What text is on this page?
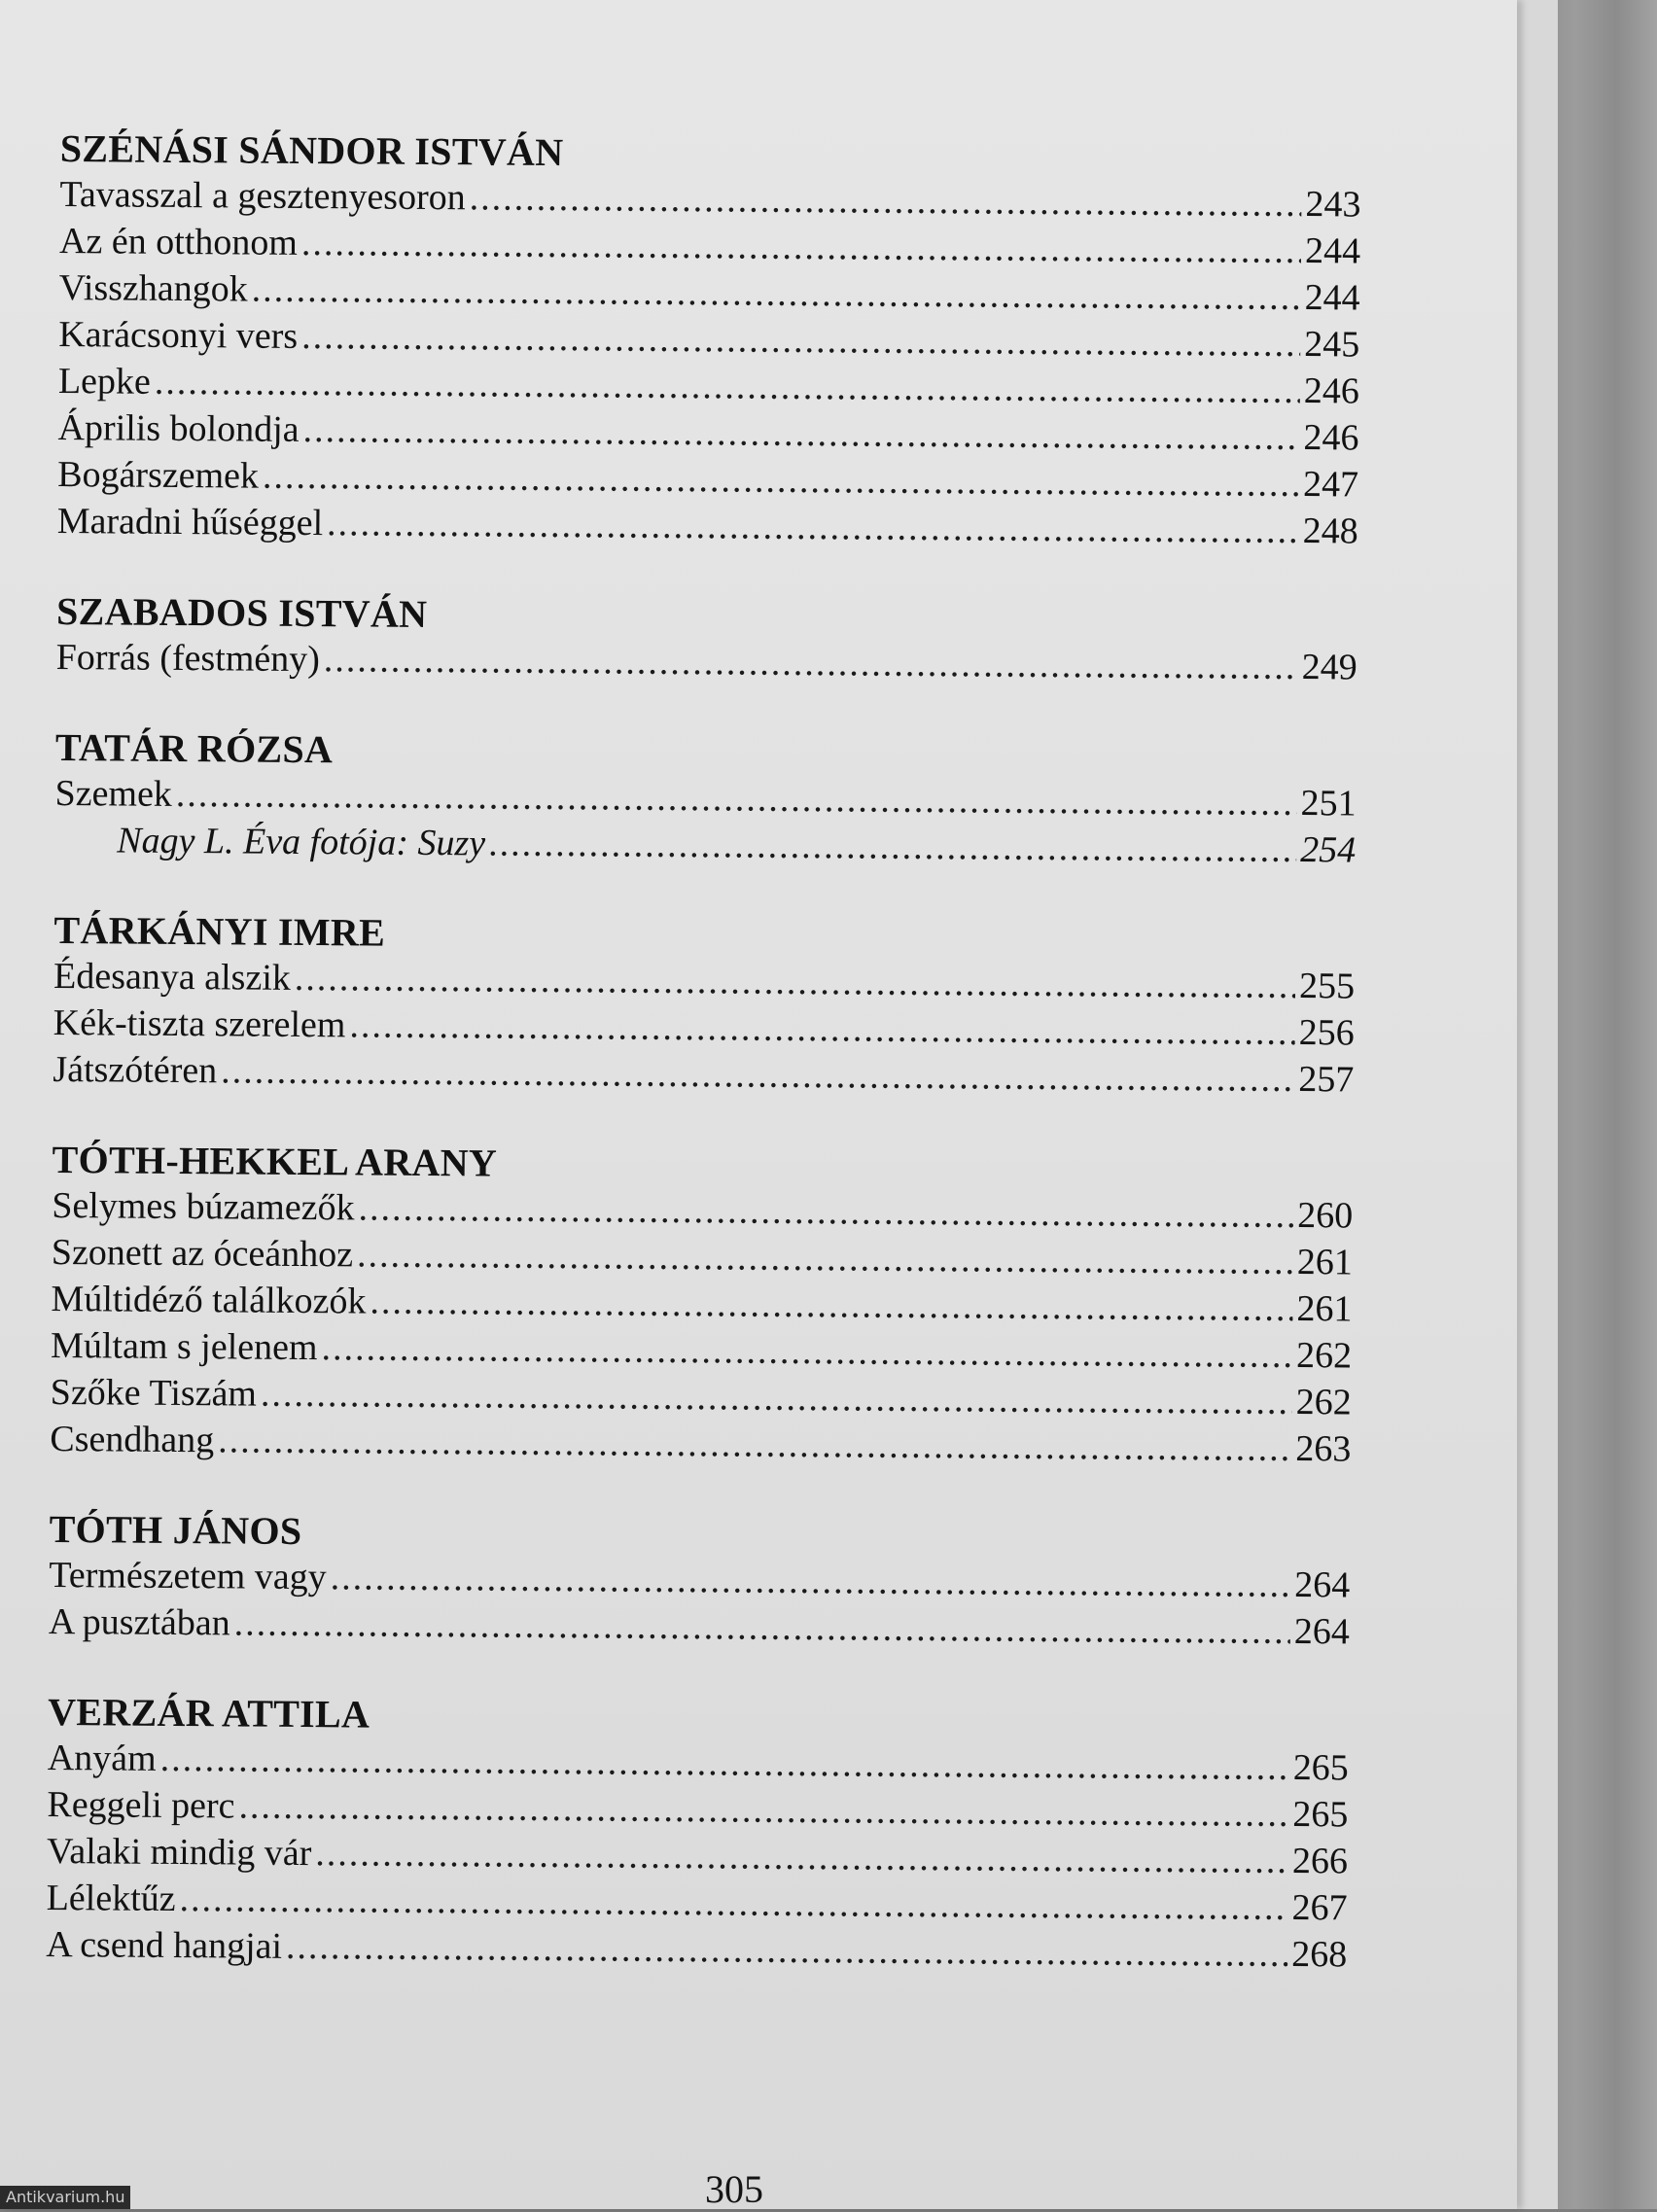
SZÉNÁSI SÁNDOR ISTVÁN
Tavasszal a gesztenyesoron .....	243
Az én otthonom .....	244
Visszhangok .....	244
Karácsonyi vers .....	245
Lepke .....	246
Április bolondja .....	246
Bogárszemek .....	247
Maradni hűséggel .....	248
SZABADOS ISTVÁN
Forrás (festmény) .....	249
TATÁR RÓZSA
Szemek .....	251
Nagy L. Éva fotója: Suzy .....	254
TÁRKÁNYI IMRE
Édesanya alszik .....	255
Kék-tiszta szerelem .....	256
Játszótéren .....	257
TÓTH-HEKKEL ARANY
Selymes búzamezők .....	260
Szonett az óceánhoz .....	261
Múltidéző találkozók .....	261
Múltam s jelenem .....	262
Szőke Tiszám .....	262
Csendhang .....	263
TÓTH JÁNOS
Természetem vagy .....	264
A pusztában .....	264
VERZÁR ATTILA
Anyám .....	265
Reggeli perc .....	265
Valaki mindig vár .....	266
Lélektűz .....	267
A csend hangjai .....	268
305
Antikvarium.hu
